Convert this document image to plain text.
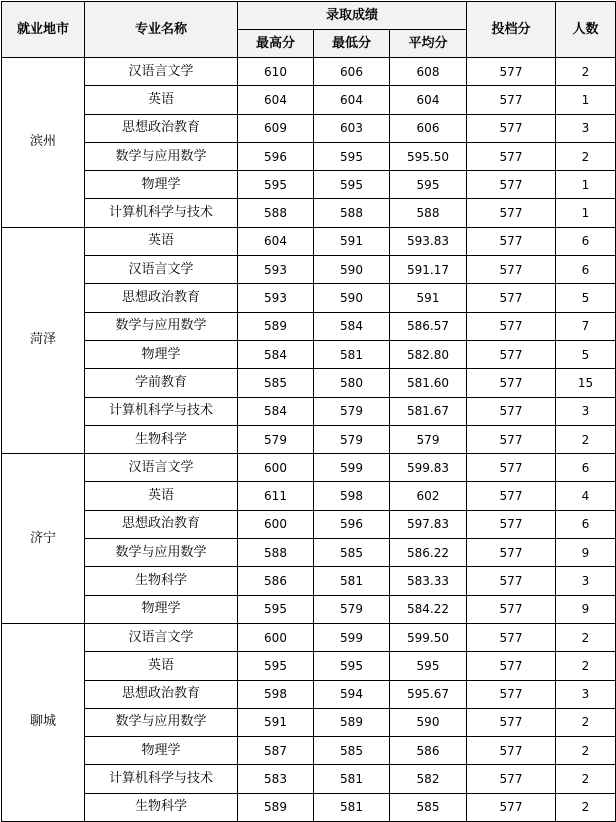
就业地市	专业名称	录取成绩			投档分	人数
		最高分	最低分	平均分		
滨州	汉语言文学	610	606	608	577	2
	英语	604	604	604	577	1
	思想政治教育	609	603	606	577	3
	数学与应用数学	596	595	595.50	577	2
	物理学	595	595	595	577	1
	计算机科学与技术	588	588	588	577	1
菏泽	英语	604	591	593.83	577	6
	汉语言文学	593	590	591.17	577	6
	思想政治教育	593	590	591	577	5
	数学与应用数学	589	584	586.57	577	7
	物理学	584	581	582.80	577	5
	学前教育	585	580	581.60	577	15
	计算机科学与技术	584	579	581.67	577	3
	生物科学	579	579	579	577	2
济宁	汉语言文学	600	599	599.83	577	6
	英语	611	598	602	577	4
	思想政治教育	600	596	597.83	577	6
	数学与应用数学	588	585	586.22	577	9
	生物科学	586	581	583.33	577	3
	物理学	595	579	584.22	577	9
聊城	汉语言文学	600	599	599.50	577	2
	英语	595	595	595	577	2
	思想政治教育	598	594	595.67	577	3
	数学与应用数学	591	589	590	577	2
	物理学	587	585	586	577	2
	计算机科学与技术	583	581	582	577	2
	生物科学	589	581	585	577	2
